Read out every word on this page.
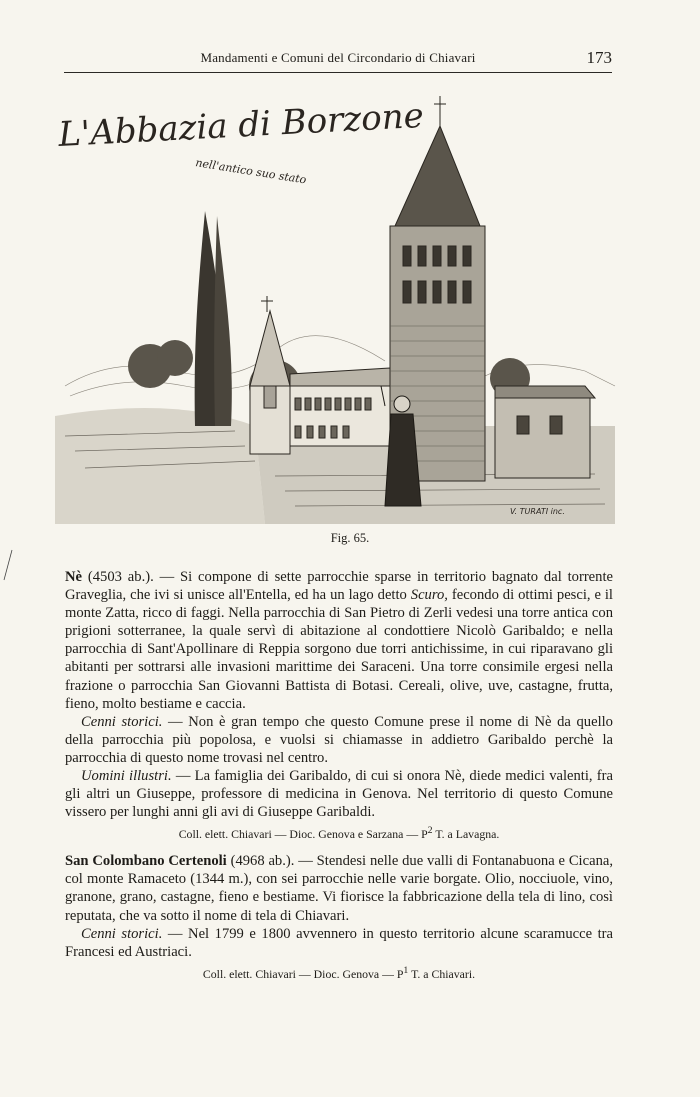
Mandamenti e Comuni del Circondario di Chiavari	173
L'Abbazia di Borzone
nell'antico suo stato
V. TURATI inc.
Fig. 65.

Nè (4503 ab.). — Si compone di sette parrocchie sparse in territorio bagnato dal torrente Graveglia, che ivi si unisce all'Entella, ed ha un lago detto Scuro, fecondo di ottimi pesci, e il monte Zatta, ricco di faggi. Nella parrocchia di San Pietro di Zerli vedesi una torre antica con prigioni sotterranee, la quale servì di abitazione al condottiere Nicolò Garibaldo; e nella parrocchia di Sant'Apollinare di Reppia sorgono due torri antichissime, in cui riparavano gli abitanti per sottrarsi alle invasioni marittime dei Saraceni. Una torre consimile ergesi nella frazione o parrocchia San Giovanni Battista di Botasi. Cereali, olive, uve, castagne, frutta, fieno, molto bestiame e caccia.

Cenni storici. — Non è gran tempo che questo Comune prese il nome di Nè da quello della parrocchia più popolosa, e vuolsi si chiamasse in addietro Garibaldo perchè la parrocchia di questo nome trovasi nel centro.

Uomini illustri. — La famiglia dei Garibaldo, di cui si onora Nè, diede medici valenti, fra gli altri un Giuseppe, professore di medicina in Genova. Nel territorio di questo Comune vissero per lunghi anni gli avi di Giuseppe Garibaldi.

Coll. elett. Chiavari — Dioc. Genova e Sarzana — $P^2$ T. a Lavagna.

San Colombano Certenoli (4968 ab.). — Stendesi nelle due valli di Fontanabuona e Cicana, col monte Ramaceto (1344 m.), con sei parrocchie nelle varie borgate. Olio, nocciuole, vino, granone, grano, castagne, fieno e bestiame. Vi fiorisce la fabbricazione della tela di lino, così reputata, che va sotto il nome di tela di Chiavari.

Cenni storici. — Nel 1799 e 1800 avvennero in questo territorio alcune scaramucce tra Francesi ed Austriaci.

Coll. elett. Chiavari — Dioc. Genova — $P^1$ T. a Chiavari.
